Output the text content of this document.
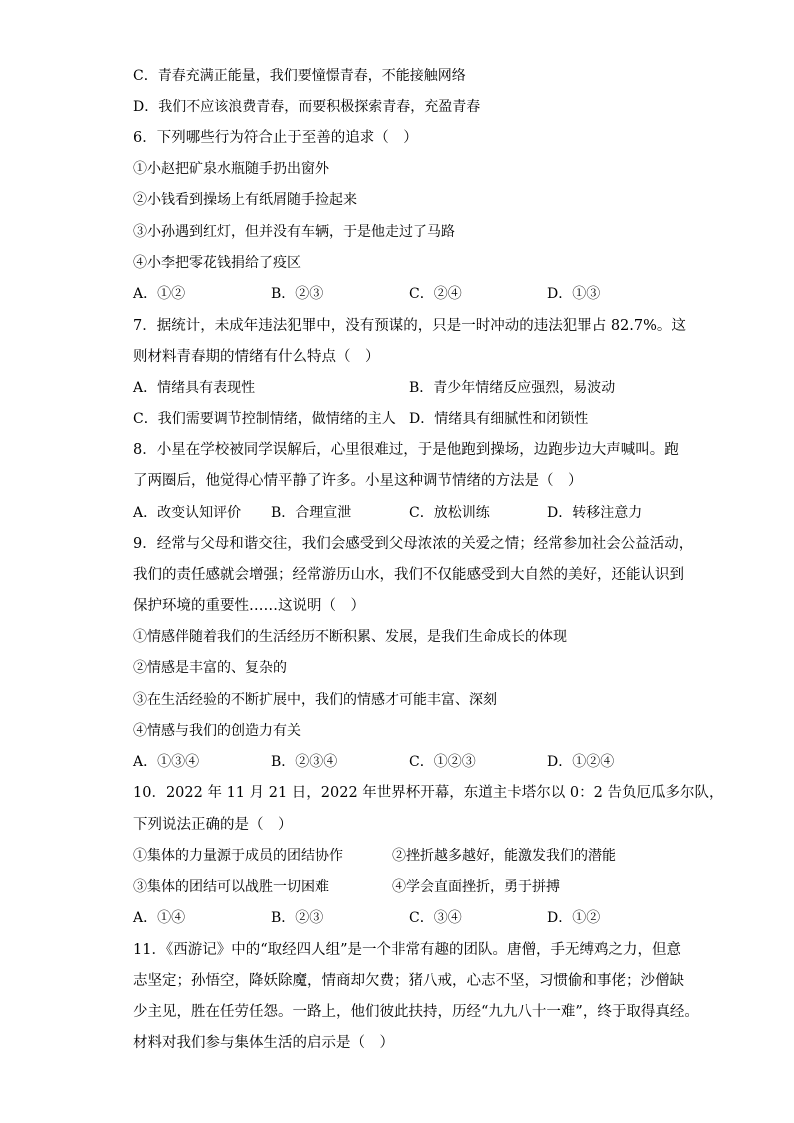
C．青春充满正能量，我们要憧憬青春，不能接触网络
D．我们不应该浪费青春，而要积极探索青春，充盈青春
6．下列哪些行为符合止于至善的追求（　）
①小赵把矿泉水瓶随手扔出窗外
②小钱看到操场上有纸屑随手捡起来
③小孙遇到红灯，但并没有车辆，于是他走过了马路
④小李把零花钱捐给了疫区
A．①②	B．②③	C．②④	D．①③
7．据统计，未成年违法犯罪中，没有预谋的，只是一时冲动的违法犯罪占 82.7%。这
则材料青春期的情绪有什么特点（　）
A．情绪具有表现性	B．青少年情绪反应强烈，易波动
C．我们需要调节控制情绪，做情绪的主人 D．情绪具有细腻性和闭锁性
8．小星在学校被同学误解后，心里很难过，于是他跑到操场，边跑步边大声喊叫。跑
了两圈后，他觉得心情平静了许多。小星这种调节情绪的方法是（　）
A．改变认知评价 B．合理宣泄	C．放松训练	D．转移注意力
9．经常与父母和谐交往，我们会感受到父母浓浓的关爱之情；经常参加社会公益活动，
我们的责任感就会增强；经常游历山水，我们不仅能感受到大自然的美好，还能认识到
保护环境的重要性……这说明（　）
①情感伴随着我们的生活经历不断积累、发展，是我们生命成长的体现
②情感是丰富的、复杂的
③在生活经验的不断扩展中，我们的情感才可能丰富、深刻
④情感与我们的创造力有关
A．①③④	B．②③④	C．①②③	D．①②④
10．2022 年 11 月 21 日，2022 年世界杯开幕，东道主卡塔尔以 0：2 告负厄瓜多尔队，
下列说法正确的是（　）
①集体的力量源于成员的团结协作	②挫折越多越好，能激发我们的潜能
③集体的团结可以战胜一切困难	④学会直面挫折，勇于拼搏
A．①④	B．②③	C．③④	D．①②
11．《西游记》中的“取经四人组”是一个非常有趣的团队。唐僧，手无缚鸡之力，但意
志坚定；孙悟空，降妖除魔，情商却欠费；猪八戒，心志不坚，习惯偷和事佬；沙僧缺
少主见，胜在任劳任怨。一路上，他们彼此扶持，历经“九九八十一难”，终于取得真经。
材料对我们参与集体生活的启示是（　）
